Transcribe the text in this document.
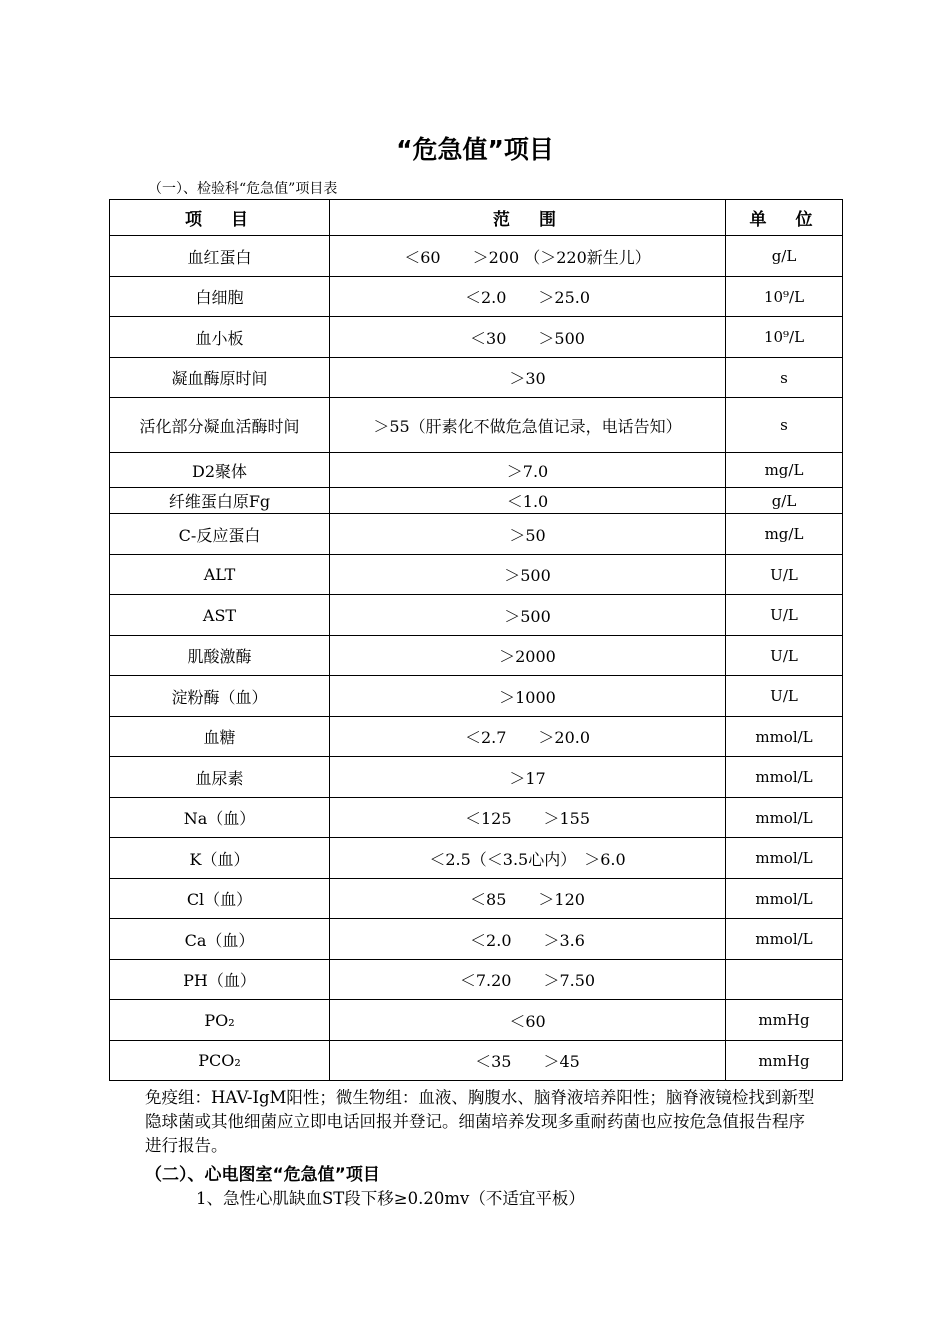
“危急值”项目
（一）、检验科“危急值”项目表
项　目	范　围	单　位
血红蛋白	＜60　　＞200 （＞220新生儿）	g/L
白细胞	＜2.0　　＞25.0	10⁹/L
血小板	＜30　　＞500	10⁹/L
凝血酶原时间	＞30	s
活化部分凝血活酶时间	＞55（肝素化不做危急值记录，电话告知）	s
D2聚体	＞7.0	mg/L
纤维蛋白原Fg	＜1.0	g/L
C-反应蛋白	＞50	mg/L
ALT	＞500	U/L
AST	＞500	U/L
肌酸激酶	＞2000	U/L
淀粉酶（血）	＞1000	U/L
血糖	＜2.7　　＞20.0	mmol/L
血尿素	＞17	mmol/L
Na（血）	＜125　　＞155	mmol/L
K（血）	＜2.5（＜3.5心内）　＞6.0	mmol/L
Cl（血）	＜85　　＞120	mmol/L
Ca（血）	＜2.0　　＞3.6	mmol/L
PH（血）	＜7.20　　＞7.50	
PO₂	＜60	mmHg
PCO₂	＜35　　＞45	mmHg
免疫组：HAV-IgM阳性；微生物组：血液、胸腹水、脑脊液培养阳性；脑脊液镜检找到新型隐球菌或其他细菌应立即电话回报并登记。细菌培养发现多重耐药菌也应按危急值报告程序进行报告。
（二）、心电图室“危急值”项目
1、急性心肌缺血ST段下移≥0.20mv（不适宜平板）
